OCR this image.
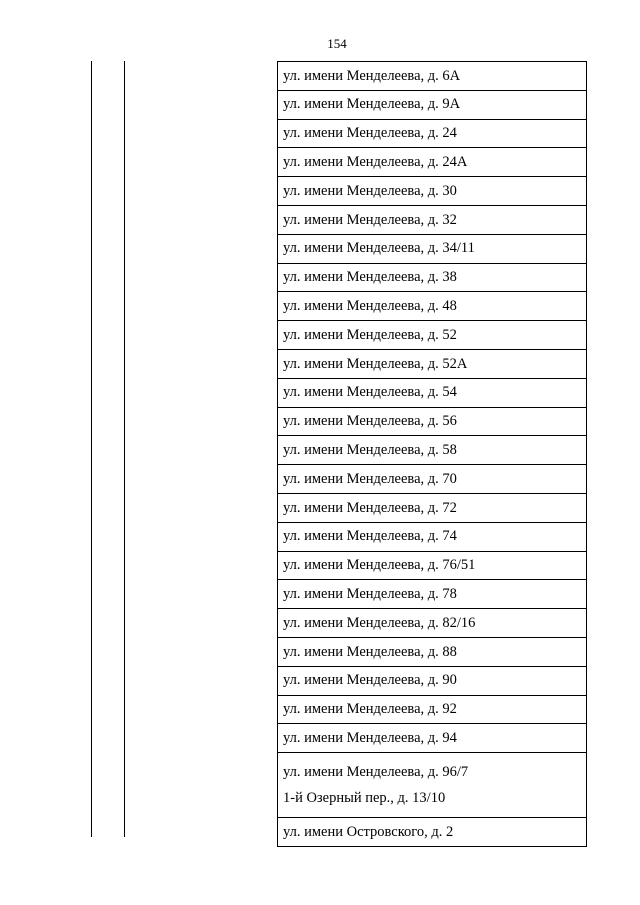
154
ул. имени Менделеева, д. 6А
ул. имени Менделеева, д. 9А
ул. имени Менделеева, д. 24
ул. имени Менделеева, д. 24А
ул. имени Менделеева, д. 30
ул. имени Менделеева, д. 32
ул. имени Менделеева, д. 34/11
ул. имени Менделеева, д. 38
ул. имени Менделеева, д. 48
ул. имени Менделеева, д. 52
ул. имени Менделеева, д. 52А
ул. имени Менделеева, д. 54
ул. имени Менделеева, д. 56
ул. имени Менделеева, д. 58
ул. имени Менделеева, д. 70
ул. имени Менделеева, д. 72
ул. имени Менделеева, д. 74
ул. имени Менделеева, д. 76/51
ул. имени Менделеева, д. 78
ул. имени Менделеева, д. 82/16
ул. имени Менделеева, д. 88
ул. имени Менделеева, д. 90
ул. имени Менделеева, д. 92
ул. имени Менделеева, д. 94

ул. имени Менделеева, д. 96/7
1-й Озерный пер., д. 13/10

ул. имени Островского, д. 2
